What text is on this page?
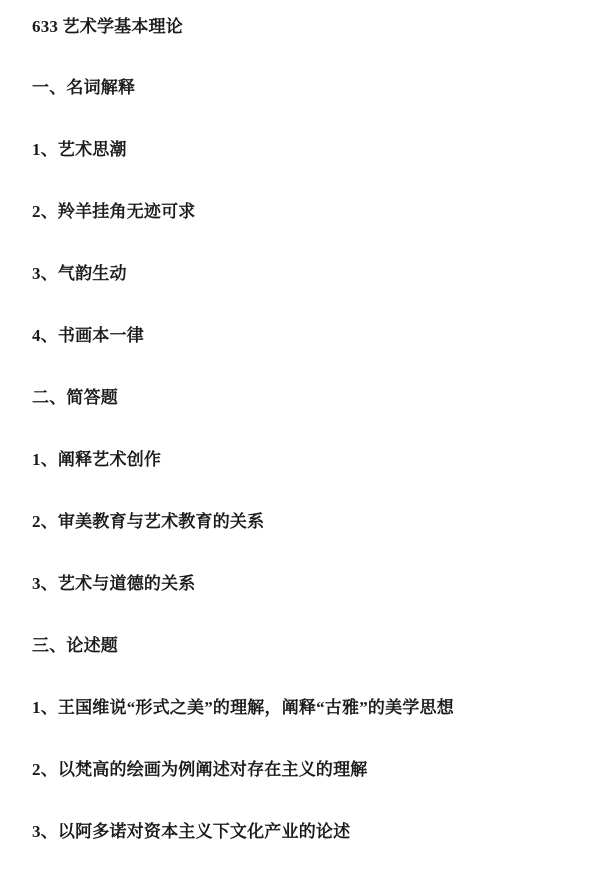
633 艺术学基本理论

一、名词解释

1、艺术思潮

2、羚羊挂角无迹可求

3、气韵生动

4、书画本一律

二、简答题

1、阐释艺术创作

2、审美教育与艺术教育的关系

3、艺术与道德的关系

三、论述题

1、王国维说“形式之美”的理解，阐释“古雅”的美学思想

2、以梵高的绘画为例阐述对存在主义的理解

3、以阿多诺对资本主义下文化产业的论述
